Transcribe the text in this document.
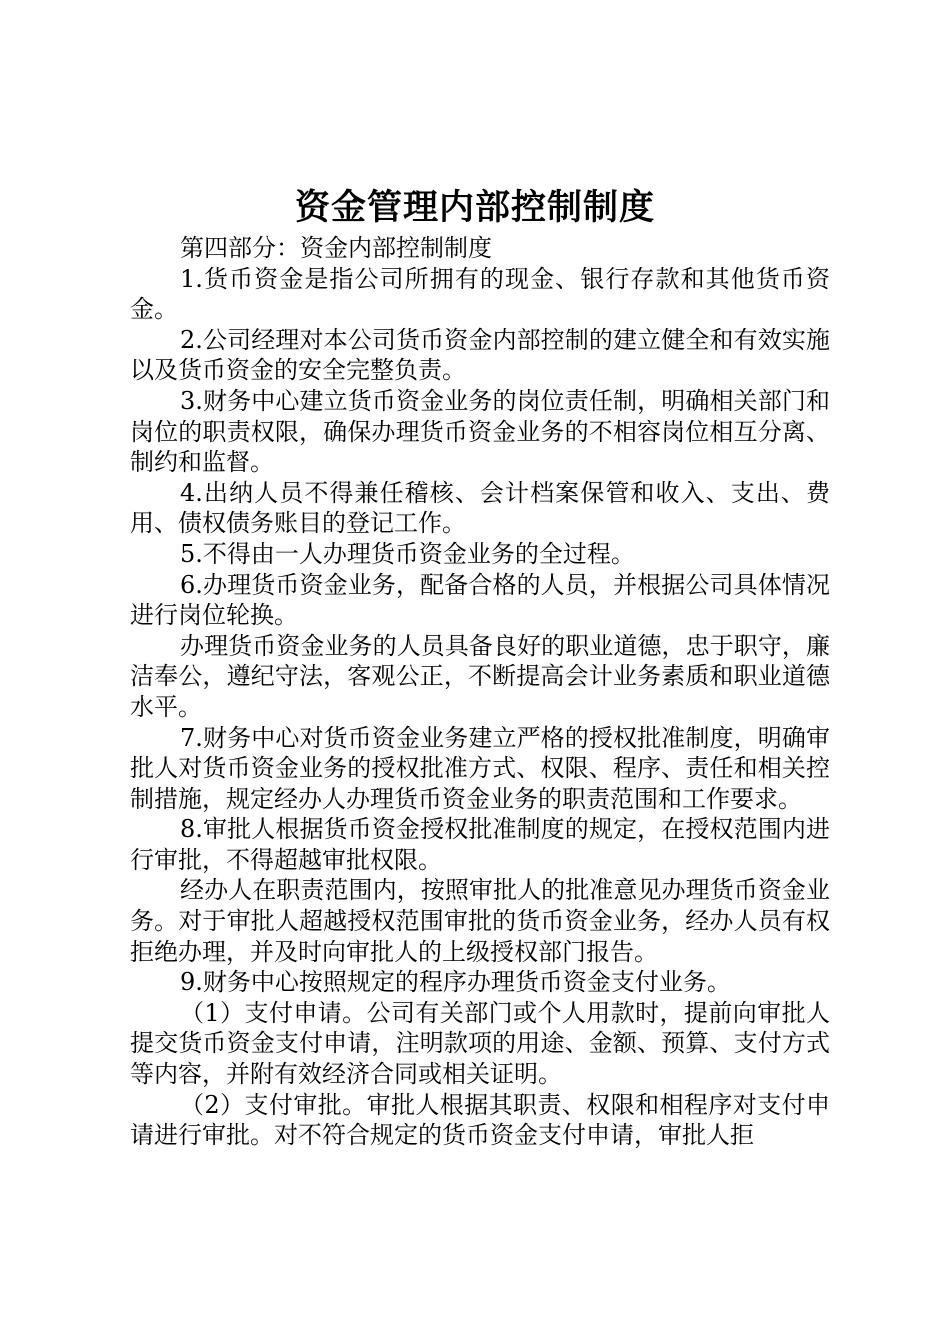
资金管理内部控制制度

第四部分：资金内部控制制度

1.货币资金是指公司所拥有的现金、银行存款和其他货币资金。

2.公司经理对本公司货币资金内部控制的建立健全和有效实施以及货币资金的安全完整负责。

3.财务中心建立货币资金业务的岗位责任制，明确相关部门和岗位的职责权限，确保办理货币资金业务的不相容岗位相互分离、制约和监督。

4.出纳人员不得兼任稽核、会计档案保管和收入、支出、费用、债权债务账目的登记工作。

5.不得由一人办理货币资金业务的全过程。

6.办理货币资金业务，配备合格的人员，并根据公司具体情况进行岗位轮换。

办理货币资金业务的人员具备良好的职业道德，忠于职守，廉洁奉公，遵纪守法，客观公正，不断提高会计业务素质和职业道德水平。

7.财务中心对货币资金业务建立严格的授权批准制度，明确审批人对货币资金业务的授权批准方式、权限、程序、责任和相关控制措施，规定经办人办理货币资金业务的职责范围和工作要求。

8.审批人根据货币资金授权批准制度的规定，在授权范围内进行审批，不得超越审批权限。

经办人在职责范围内，按照审批人的批准意见办理货币资金业务。对于审批人超越授权范围审批的货币资金业务，经办人员有权拒绝办理，并及时向审批人的上级授权部门报告。

9.财务中心按照规定的程序办理货币资金支付业务。

（1）支付申请。公司有关部门或个人用款时，提前向审批人提交货币资金支付申请，注明款项的用途、金额、预算、支付方式等内容，并附有效经济合同或相关证明。

（2）支付审批。审批人根据其职责、权限和相程序对支付申请进行审批。对不符合规定的货币资金支付申请，审批人拒
